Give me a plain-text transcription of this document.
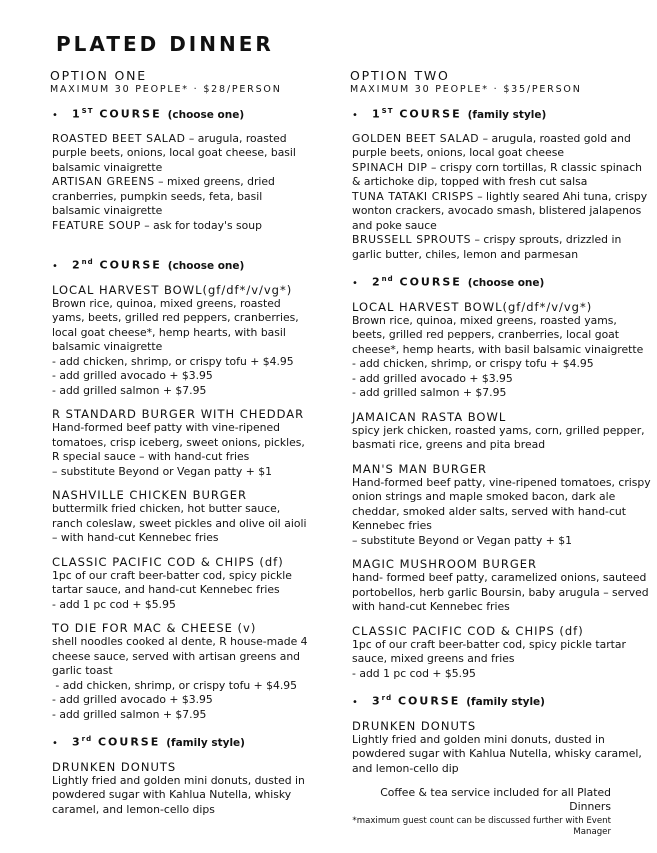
PLATED DINNER
OPTION ONE
MAXIMUM 30 PEOPLE* · $28/PERSON
•	1ST COURSE (choose one)
ROASTED BEET SALAD – arugula, roasted purple beets, onions, local goat cheese, basil balsamic vinaigrette
ARTISAN GREENS – mixed greens, dried cranberries, pumpkin seeds, feta, basil balsamic vinaigrette
FEATURE SOUP – ask for today's soup
•	2nd COURSE (choose one)
LOCAL HARVEST BOWL(gf/df*/v/vg*)
Brown rice, quinoa, mixed greens, roasted yams, beets, grilled red peppers, cranberries, local goat cheese*, hemp hearts, with basil balsamic vinaigrette
- add chicken, shrimp, or crispy tofu + $4.95
- add grilled avocado + $3.95
- add grilled salmon + $7.95
R STANDARD BURGER WITH CHEDDAR
Hand-formed beef patty with vine-ripened tomatoes, crisp iceberg, sweet onions, pickles, R special sauce – with hand-cut fries
– substitute Beyond or Vegan patty + $1
NASHVILLE CHICKEN BURGER
buttermilk fried chicken, hot butter sauce, ranch coleslaw, sweet pickles and olive oil aioli – with hand-cut Kennebec fries
CLASSIC PACIFIC COD & CHIPS (df)
1pc of our craft beer-batter cod, spicy pickle tartar sauce, and hand-cut Kennebec fries
- add 1 pc cod + $5.95
TO DIE FOR MAC & CHEESE (v)
shell noodles cooked al dente, R house-made 4 cheese sauce, served with artisan greens and garlic toast
- add chicken, shrimp, or crispy tofu + $4.95
- add grilled avocado + $3.95
- add grilled salmon + $7.95
•	3rd COURSE (family style)
DRUNKEN DONUTS
Lightly fried and golden mini donuts, dusted in powdered sugar with Kahlua Nutella, whisky caramel, and lemon-cello dips
OPTION TWO
MAXIMUM 30 PEOPLE* · $35/PERSON
•	1ST COURSE (family style)
GOLDEN BEET SALAD – arugula, roasted gold and purple beets, onions, local goat cheese
SPINACH DIP – crispy corn tortillas, R classic spinach & artichoke dip, topped with fresh cut salsa
TUNA TATAKI CRISPS – lightly seared Ahi tuna, crispy wonton crackers, avocado smash, blistered jalapenos and poke sauce
BRUSSELL SPROUTS – crispy sprouts, drizzled in garlic butter, chiles, lemon and parmesan
•	2nd COURSE (choose one)
LOCAL HARVEST BOWL(gf/df*/v/vg*)
Brown rice, quinoa, mixed greens, roasted yams, beets, grilled red peppers, cranberries, local goat cheese*, hemp hearts, with basil balsamic vinaigrette
- add chicken, shrimp, or crispy tofu + $4.95
- add grilled avocado + $3.95
- add grilled salmon + $7.95
JAMAICAN RASTA BOWL
spicy jerk chicken, roasted yams, corn, grilled pepper, basmati rice, greens and pita bread
MAN'S MAN BURGER
Hand-formed beef patty, vine-ripened tomatoes, crispy onion strings and maple smoked bacon, dark ale cheddar, smoked alder salts, served with hand-cut Kennebec fries
– substitute Beyond or Vegan patty + $1
MAGIC MUSHROOM BURGER
hand- formed beef patty, caramelized onions, sauteed portobellos, herb garlic Boursin, baby arugula – served with hand-cut Kennebec fries
CLASSIC PACIFIC COD & CHIPS (df)
1pc of our craft beer-batter cod, spicy pickle tartar sauce, mixed greens and fries
- add 1 pc cod + $5.95
•	3rd COURSE (family style)
DRUNKEN DONUTS
Lightly fried and golden mini donuts, dusted in powdered sugar with Kahlua Nutella, whisky caramel, and lemon-cello dip
Coffee & tea service included for all Plated Dinners
*maximum guest count can be discussed further with Event Manager
